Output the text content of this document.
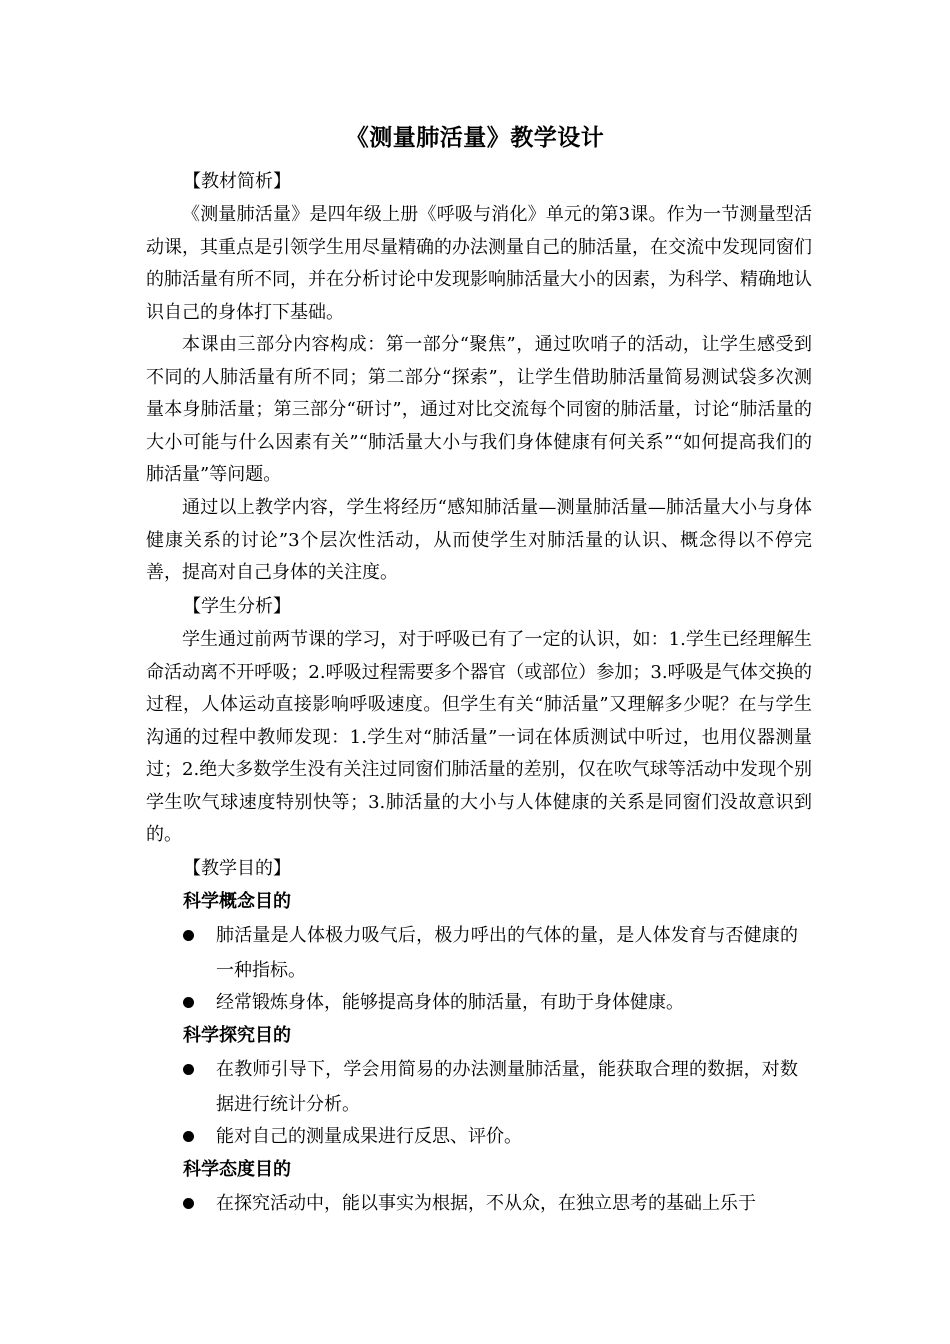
《测量肺活量》教学设计
【教材简析】

《测量肺活量》是四年级上册《呼吸与消化》单元的第3课。作为一节测量型活动课，其重点是引领学生用尽量精确的办法测量自己的肺活量，在交流中发现同窗们的肺活量有所不同，并在分析讨论中发现影响肺活量大小的因素，为科学、精确地认识自己的身体打下基础。

本课由三部分内容构成：第一部分“聚焦”，通过吹哨子的活动，让学生感受到不同的人肺活量有所不同；第二部分“探索”，让学生借助肺活量简易测试袋多次测量本身肺活量；第三部分“研讨”，通过对比交流每个同窗的肺活量，讨论“肺活量的大小可能与什么因素有关”“肺活量大小与我们身体健康有何关系”“如何提高我们的肺活量”等问题。

通过以上教学内容，学生将经历“感知肺活量—测量肺活量—肺活量大小与身体健康关系的讨论”3个层次性活动，从而使学生对肺活量的认识、概念得以不停完善，提高对自己身体的关注度。

【学生分析】

学生通过前两节课的学习，对于呼吸已有了一定的认识，如：1.学生已经理解生命活动离不开呼吸；2.呼吸过程需要多个器官（或部位）参加；3.呼吸是气体交换的过程，人体运动直接影响呼吸速度。但学生有关“肺活量”又理解多少呢？在与学生沟通的过程中教师发现：1.学生对“肺活量”一词在体质测试中听过，也用仪器测量过；2.绝大多数学生没有关注过同窗们肺活量的差别，仅在吹气球等活动中发现个别学生吹气球速度特别快等；3.肺活量的大小与人体健康的关系是同窗们没故意识到的。

【教学目的】
科学概念目的
肺活量是人体极力吸气后，极力呼出的气体的量，是人体发育与否健康的一种指标。
经常锻炼身体，能够提高身体的肺活量，有助于身体健康。
科学探究目的
在教师引导下，学会用简易的办法测量肺活量，能获取合理的数据，对数据进行统计分析。
能对自己的测量成果进行反思、评价。
科学态度目的
在探究活动中，能以事实为根据，不从众，在独立思考的基础上乐于
